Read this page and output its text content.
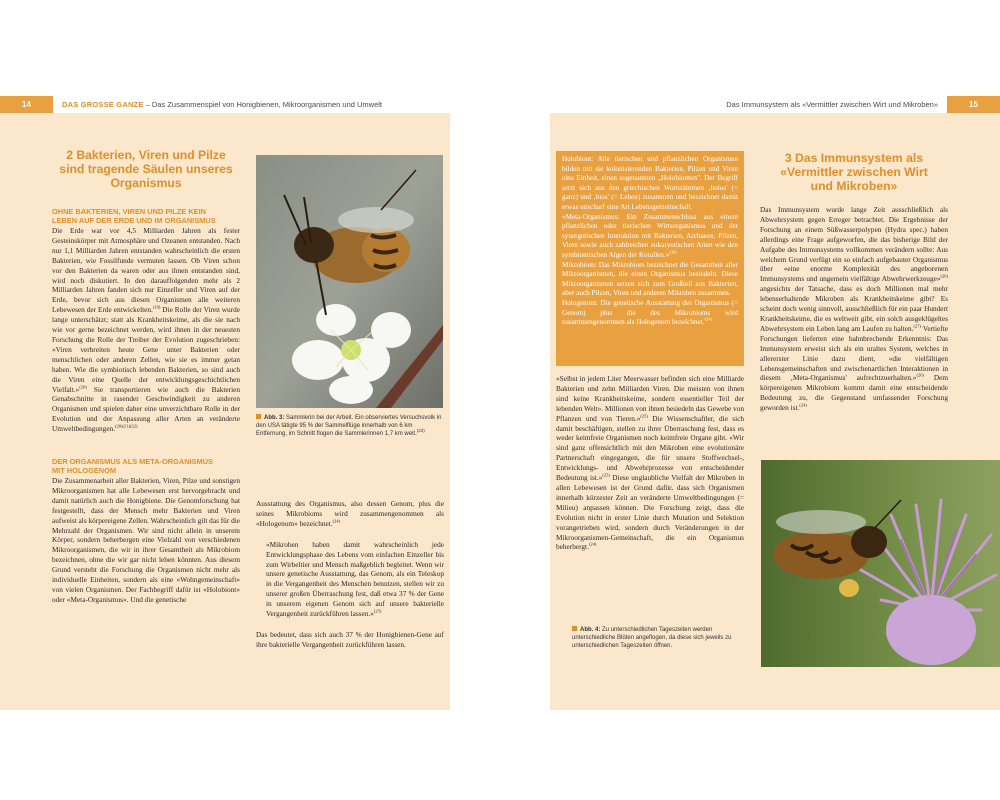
14	DAS GROSSE GANZE – Das Zusammenspiel von Honigbienen, Mikroorganismen und Umwelt
2 Bakterien, Viren und Pilze
sind tragende Säulen unseres
Organismus
OHNE BAKTERIEN, VIREN UND PILZE KEIN
LEBEN AUF DER ERDE UND IM ORGANISMUS

Die Erde war vor 4,5 Milliarden Jahren als fester Gesteinskörper mit Atmosphäre und Ozeanen entstanden. Nach nur 1,1 Milliarden Jahren entstanden wahrscheinlich die ersten Bakterien, wie Fossilfunde vermuten lassen. Ob Viren schon vor den Bakterien da waren oder aus ihnen entstanden sind, wird noch diskutiert. In den darauffolgenden mehr als 2 Milliarden Jahren fanden sich nur Einzeller und Viren auf der Erde, bevor sich aus diesen Organismen alle weiteren Lebewesen der Erde entwickelten.$^{(19)}$ Die Rolle der Viren wurde lange unterschätzt; statt als Krankheitskeime, als die sie nach wie vor gerne bezeichnet werden, wird ihnen in der neuesten Forschung die Rolle der Treiber der Evolution zugeschrieben: «Viren verbreiten heute Gene unter Bakterien oder menschlichen oder anderen Zellen, wie sie es immer getan haben. Wie die symbiotisch lebenden Bakterien, so sind auch die Viren eine Quelle der entwicklungsgeschichtlichen Vielfalt.»$^{(20)}$ Sie transportieren wie auch die Bakterien Genabschnitte in rasender Geschwindigkeit zu anderen Organismen und spielen daher eine unverzichtbare Rolle in der Evolution und der Anpassung aller Arten an veränderte Umweltbedingungen.$^{(20)(21)(22)}$

DER ORGANISMUS ALS META-ORGANISMUS
MIT HOLOGENOM

Die Zusammenarbeit aller Bakterien, Viren, Pilze und sonstigen Mikroorganismen hat alle Lebewesen erst hervorgebracht und damit natürlich auch die Honigbiene. Die Genomforschung hat festgestellt, dass der Mensch mehr Bakterien und Viren aufweist als körpereigene Zellen. Wahrscheinlich gilt das für die Mehrzahl der Organismen. Wir sind nicht allein in unserem Körper, sondern beherbergen eine Vielzahl von verschiedenen Mikroorganismen, die wir in ihrer Gesamtheit als Mikrobiom bezeichnen, ohne die wir gar nicht leben könnten. Aus diesem Grund versteht die Forschung die Organismen nicht mehr als individuelle Einheiten, sondern als eine «Wohngemeinschaft» von vielen Organismen. Der Fachbegriff dafür ist «Holobiont» oder «Meta-Organismus». Und die genetische

Abb. 3: Sammlerin bei der Arbeit. Ein observiertes Versuchsvolk in den USA tätigte 95 % der Sammelflüge innerhalb von 6 km Entfernung, im Schnitt flogen die Sammlerinnen 1,7 km weit.$^{(23)}$

Ausstattung des Organismus, also dessen Genom, plus die seines Mikrobioms wird zusammengenommen als «Hologenom» bezeichnet.$^{(24)}$

«Mikroben haben damit wahrscheinlich jede Entwicklungsphase des Lebens vom einfachen Einzeller bis zum Wirbeltier und Mensch maßgeblich begleitet. Wenn wir unsere genetische Ausstattung, das Genom, als ein Teleskop in die Vergangenheit des Menschen benutzen, stellen wir zu unserer großen Überraschung fest, daß etwa 37 % der Gene in unserem eigenen Genom sich auf unsere bakterielle Vergangenheit zurückführen lassen.»$^{(25)}$

Das bedeutet, dass sich auch 37 % der Honigbienen-Gene auf ihre bakterielle Vergangenheit zurückführen lassen.

Das Immunsystem als «Vermittler zwischen Wirt und Mikroben»	15

Holobiont: Alle tierischen und pflanzlichen Organismen bilden mit sie kolonisierenden Bakterien, Pilzen und Viren eine Einheit, einen sogenannten „Holobionten". Der Begriff setzt sich aus den griechischen Wortstämmen ‚holos' (= ganz) und ‚bios' (= Leben) zusammen und bezeichnet damit etwas unscharf eine Art Lebensgemeinschaft.

«Meta-Organismus: Ein Zusammenschluss aus einem pflanzlichen oder tierischen Wirtsorganismus und der synergetischen Interaktion mit Bakterien, Archaeen, Pilzen, Viren sowie auch zahlreichen eukaryotischen Arten wie den symbiontischen Algen der Korallen.»$^{(26)}$

Mikrobiom: Das Mikrobiom bezeichnet die Gesamtheit aller Mikroorganismen, die einen Organismus besiedeln. Diese Mikroorganismen setzen sich zum Großteil aus Bakterien, aber auch Pilzen, Viren und anderen Mikroben zusammen.

Hologenom: Die genetische Ausstattung des Organismus (= Genom) plus die des Mikrobioms wird zusammengenommen als Hologenom bezeichnet.$^{(24)}$

«Selbst in jedem Liter Meerwasser befinden sich eine Milliarde Bakterien und zehn Milliarden Viren. Die meisten von ihnen sind keine Krankheitskeime, sondern essentieller Teil der lebenden Welt». Millionen von ihnen besiedeln das Gewebe von Pflanzen und von Tieren.»$^{(25)}$ Die Wissenschaftler, die sich damit beschäftigen, stellen zu ihrer Überraschung fest, dass es weder keimfreie Organismen noch keimfreie Organe gibt. «Wir sind ganz offensichtlich mit den Mikroben eine evolutionäre Partnerschaft eingegangen, die für unsere Stoffwechsel-, Entwicklungs- und Abwehrprozesse von entscheidender Bedeutung ist.»$^{(25)}$ Diese unglaubliche Vielfalt der Mikroben in allen Lebewesen ist der Grund dafür, dass sich Organismen innerhalb kürzester Zeit an veränderte Umweltbedingungen (= Milieu) anpassen können. Die Forschung zeigt, dass die Evolution nicht in erster Linie durch Mutation und Selektion vorangetrieben wird, sondern durch Veränderungen in der Mikroorganismen-Gemeinschaft, die ein Organismus beherbergt.$^{(24)}$

Abb. 4: Zu unterschiedlichen Tageszeiten werden unterschiedliche Blüten angeflogen, da diese sich jeweils zu unterschiedlichen Tageszeiten öffnen.
3 Das Immunsystem als
«Vermittler zwischen Wirt
und Mikroben»

Das Immunsystem wurde lange Zeit ausschließlich als Abwehrsystem gegen Erreger betrachtet. Die Ergebnisse der Forschung an einem Süßwasserpolypen (Hydra spec.) haben allerdings eine Frage aufgeworfen, die das bisherige Bild der Aufgabe des Immunsystems vollkommen verändern sollte: Aus welchem Grund verfügt ein so einfach aufgebauter Organismus über «eine enorme Komplexität des angeborenen Immunsystems und ungemein vielfältige Abwehrwerkzeuge»$^{(26)}$ angesichts der Tatsache, dass es doch Millionen mal mehr lebenserhaltende Mikroben als Krankheitskeime gibt? Es scheint doch wenig sinnvoll, ausschließlich für ein paar Hundert Krankheitskeime, die es weltweit gibt, ein solch ausgeklügeltes Abwehrsystem ein Leben lang am Laufen zu halten.$^{(27)}$ Vertiefte Forschungen lieferten eine bahnbrechende Erkenntnis: Das Immunsystem erweist sich als ein uraltes System, welches in allererster Linie dazu dient, «die vielfältigen Lebensgemeinschaften und zwischenartlichen Interaktionen in diesem ‚Meta-Organismus' aufrechtzuerhalten.»$^{(26)}$ Dem körpereigenen Mikrobiom kommt damit eine entscheidende Bedeutung zu, die Gegenstand umfassender Forschung geworden ist.$^{(24)}$
